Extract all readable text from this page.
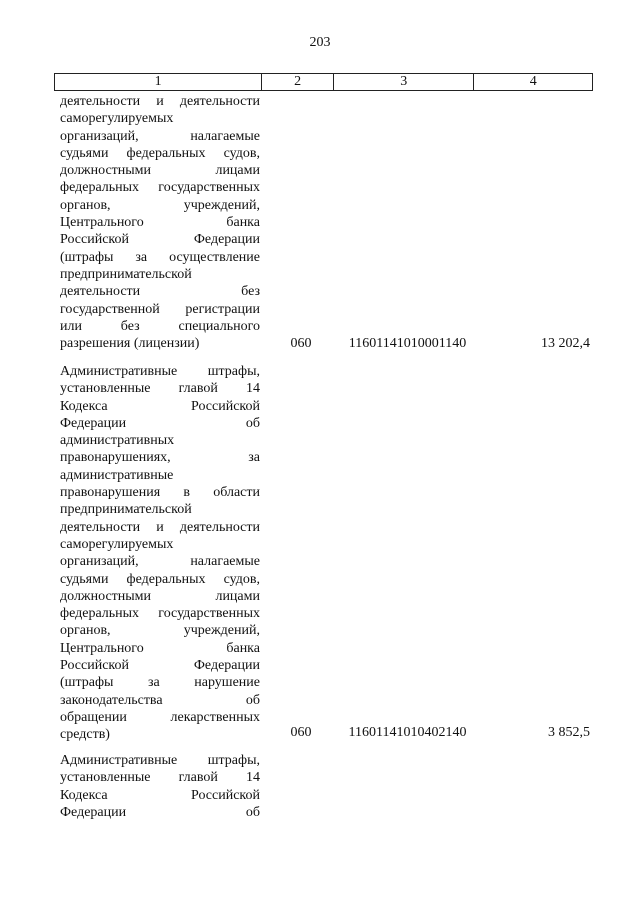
203
1	2	3	4
деятельности и деятельности
саморегулируемых
организаций, налагаемые
судьями федеральных судов,
должностными лицами
федеральных государственных
органов, учреждений,
Центрального банка
Российской Федерации
(штрафы за осуществление
предпринимательской
деятельности без
государственной регистрации
или без специального
разрешения (лицензии)	060	11601141010001140	13 202,4
Административные штрафы,
установленные главой 14
Кодекса Российской
Федерации об
административных
правонарушениях, за
административные
правонарушения в области
предпринимательской
деятельности и деятельности
саморегулируемых
организаций, налагаемые
судьями федеральных судов,
должностными лицами
федеральных государственных
органов, учреждений,
Центрального банка
Российской Федерации
(штрафы за нарушение
законодательства об
обращении лекарственных
средств)	060	11601141010402140	3 852,5
Административные штрафы,
установленные главой 14
Кодекса Российской
Федерации об
